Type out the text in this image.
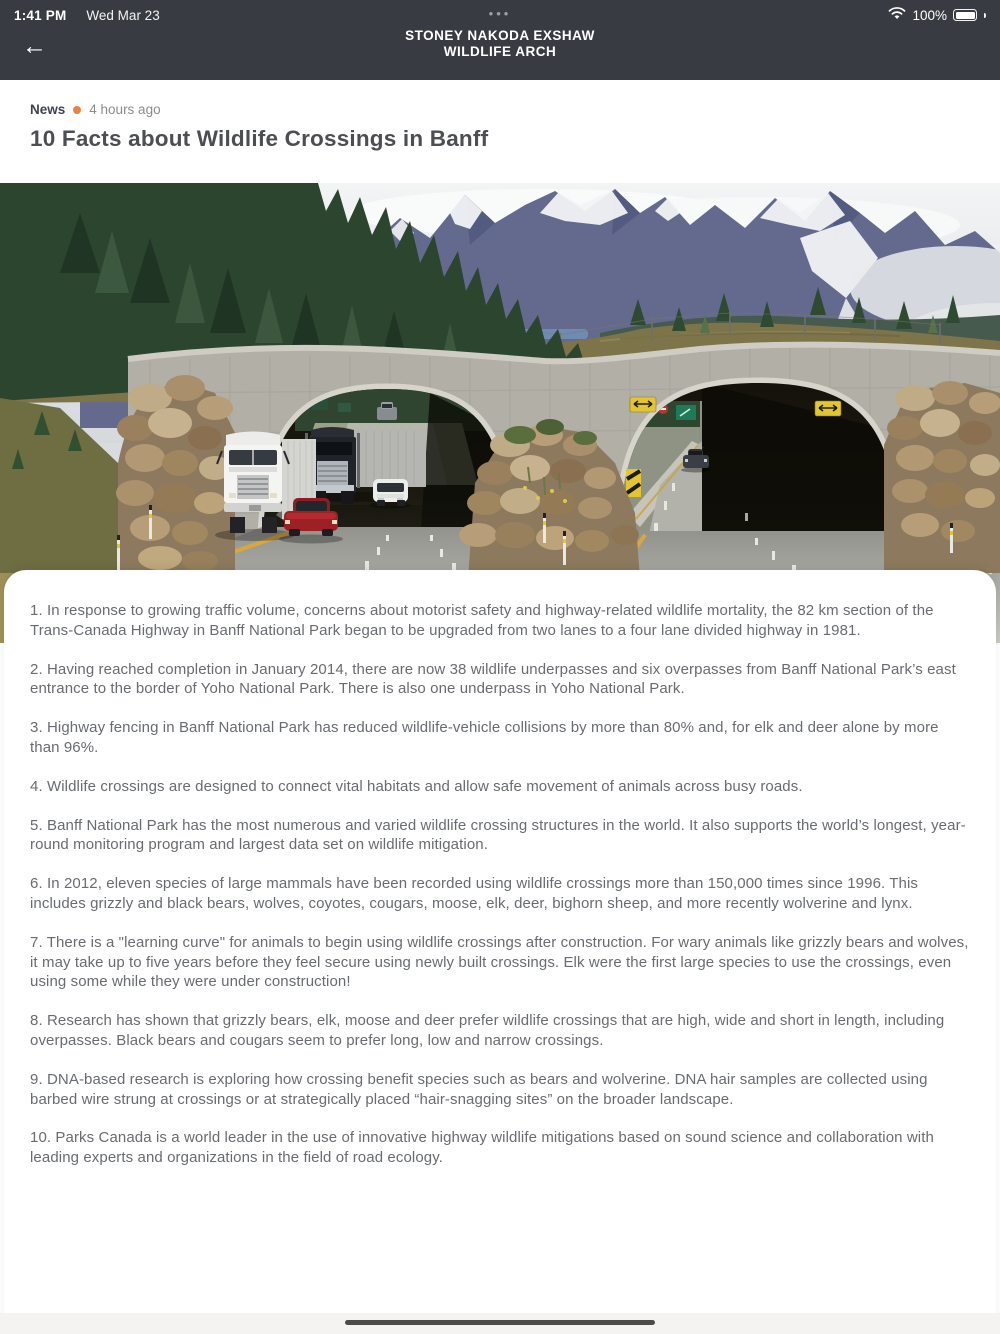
1:41 PM Wed Mar 23	•••	100%
←	STONEY NAKODA EXSHAW
WILDLIFE ARCH
News 4 hours ago
10 Facts about Wildlife Crossings in Banff

1. In response to growing traffic volume, concerns about motorist safety and highway-related wildlife mortality, the 82 km section of the Trans-Canada Highway in Banff National Park began to be upgraded from two lanes to a four lane divided highway in 1981.

2. Having reached completion in January 2014, there are now 38 wildlife underpasses and six overpasses from Banff National Park’s east entrance to the border of Yoho National Park. There is also one underpass in Yoho National Park.

3. Highway fencing in Banff National Park has reduced wildlife-vehicle collisions by more than 80% and, for elk and deer alone by more than 96%.

4. Wildlife crossings are designed to connect vital habitats and allow safe movement of animals across busy roads.

5. Banff National Park has the most numerous and varied wildlife crossing structures in the world. It also supports the world’s longest, year-round monitoring program and largest data set on wildlife mitigation.

6. In 2012, eleven species of large mammals have been recorded using wildlife crossings more than 150,000 times since 1996. This includes grizzly and black bears, wolves, coyotes, cougars, moose, elk, deer, bighorn sheep, and more recently wolverine and lynx.

7. There is a "learning curve" for animals to begin using wildlife crossings after construction. For wary animals like grizzly bears and wolves, it may take up to five years before they feel secure using newly built crossings. Elk were the first large species to use the crossings, even using some while they were under construction!

8. Research has shown that grizzly bears, elk, moose and deer prefer wildlife crossings that are high, wide and short in length, including overpasses. Black bears and cougars seem to prefer long, low and narrow crossings.

9. DNA-based research is exploring how crossing benefit species such as bears and wolverine. DNA hair samples are collected using barbed wire strung at crossings or at strategically placed “hair-snagging sites” on the broader landscape.

10. Parks Canada is a world leader in the use of innovative highway wildlife mitigations based on sound science and collaboration with leading experts and organizations in the field of road ecology.
